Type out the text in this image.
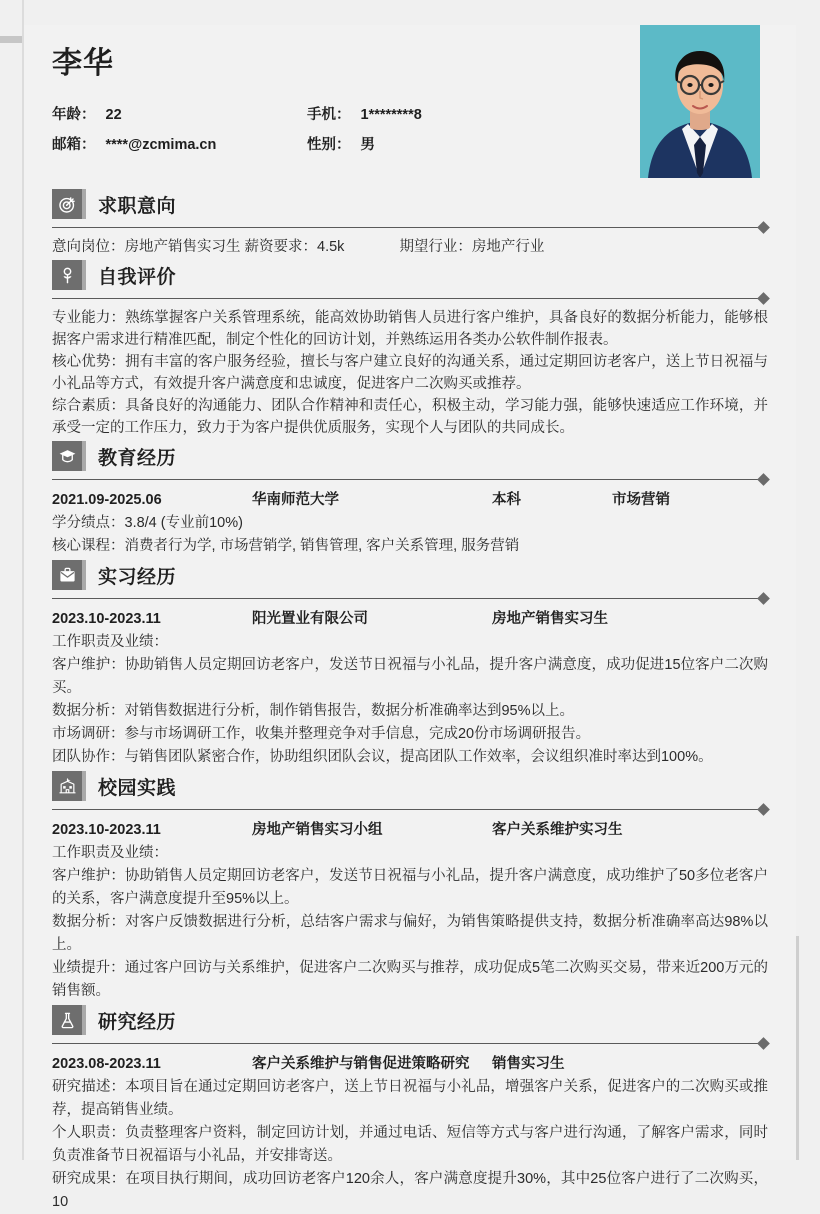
李华
年龄： 22	手机： 1********8
邮箱： ****@zcmima.cn	性别： 男
求职意向
意向岗位：房地产销售实习生 薪资要求：4.5k	期望行业：房地产行业
自我评价

专业能力：熟练掌握客户关系管理系统，能高效协助销售人员进行客户维护，具备良好的数据分析能力，能够根据客户需求进行精准匹配，制定个性化的回访计划，并熟练运用各类办公软件制作报表。

核心优势：拥有丰富的客户服务经验，擅长与客户建立良好的沟通关系，通过定期回访老客户，送上节日祝福与小礼品等方式，有效提升客户满意度和忠诚度，促进客户二次购买或推荐。

综合素质：具备良好的沟通能力、团队合作精神和责任心，积极主动，学习能力强，能够快速适应工作环境，并承受一定的工作压力，致力于为客户提供优质服务，实现个人与团队的共同成长。

教育经历
2021.09-2025.06	华南师范大学	本科	市场营销

学分绩点：3.8/4 (专业前10%)

核心课程：消费者行为学, 市场营销学, 销售管理, 客户关系管理, 服务营销

实习经历
2023.10-2023.11	阳光置业有限公司	房地产销售实习生

工作职责及业绩：

客户维护：协助销售人员定期回访老客户，发送节日祝福与小礼品，提升客户满意度，成功促进15位客户二次购买。

数据分析：对销售数据进行分析，制作销售报告，数据分析准确率达到95%以上。

市场调研：参与市场调研工作，收集并整理竞争对手信息，完成20份市场调研报告。

团队协作：与销售团队紧密合作，协助组织团队会议，提高团队工作效率，会议组织准时率达到100%。

校园实践
2023.10-2023.11	房地产销售实习小组	客户关系维护实习生

工作职责及业绩：

客户维护：协助销售人员定期回访老客户，发送节日祝福与小礼品，提升客户满意度，成功维护了50多位老客户的关系，客户满意度提升至95%以上。

数据分析：对客户反馈数据进行分析，总结客户需求与偏好，为销售策略提供支持，数据分析准确率高达98%以上。

业绩提升：通过客户回访与关系维护，促进客户二次购买与推荐，成功促成5笔二次购买交易，带来近200万元的销售额。

研究经历
2023.08-2023.11	客户关系维护与销售促进策略研究	销售实习生

研究描述：本项目旨在通过定期回访老客户，送上节日祝福与小礼品，增强客户关系，促进客户的二次购买或推荐，提高销售业绩。

个人职责：负责整理客户资料，制定回访计划，并通过电话、短信等方式与客户进行沟通，了解客户需求，同时负责准备节日祝福语与小礼品，并安排寄送。

研究成果：在项目执行期间，成功回访老客户120余人，客户满意度提升30%，其中25位客户进行了二次购买，10
